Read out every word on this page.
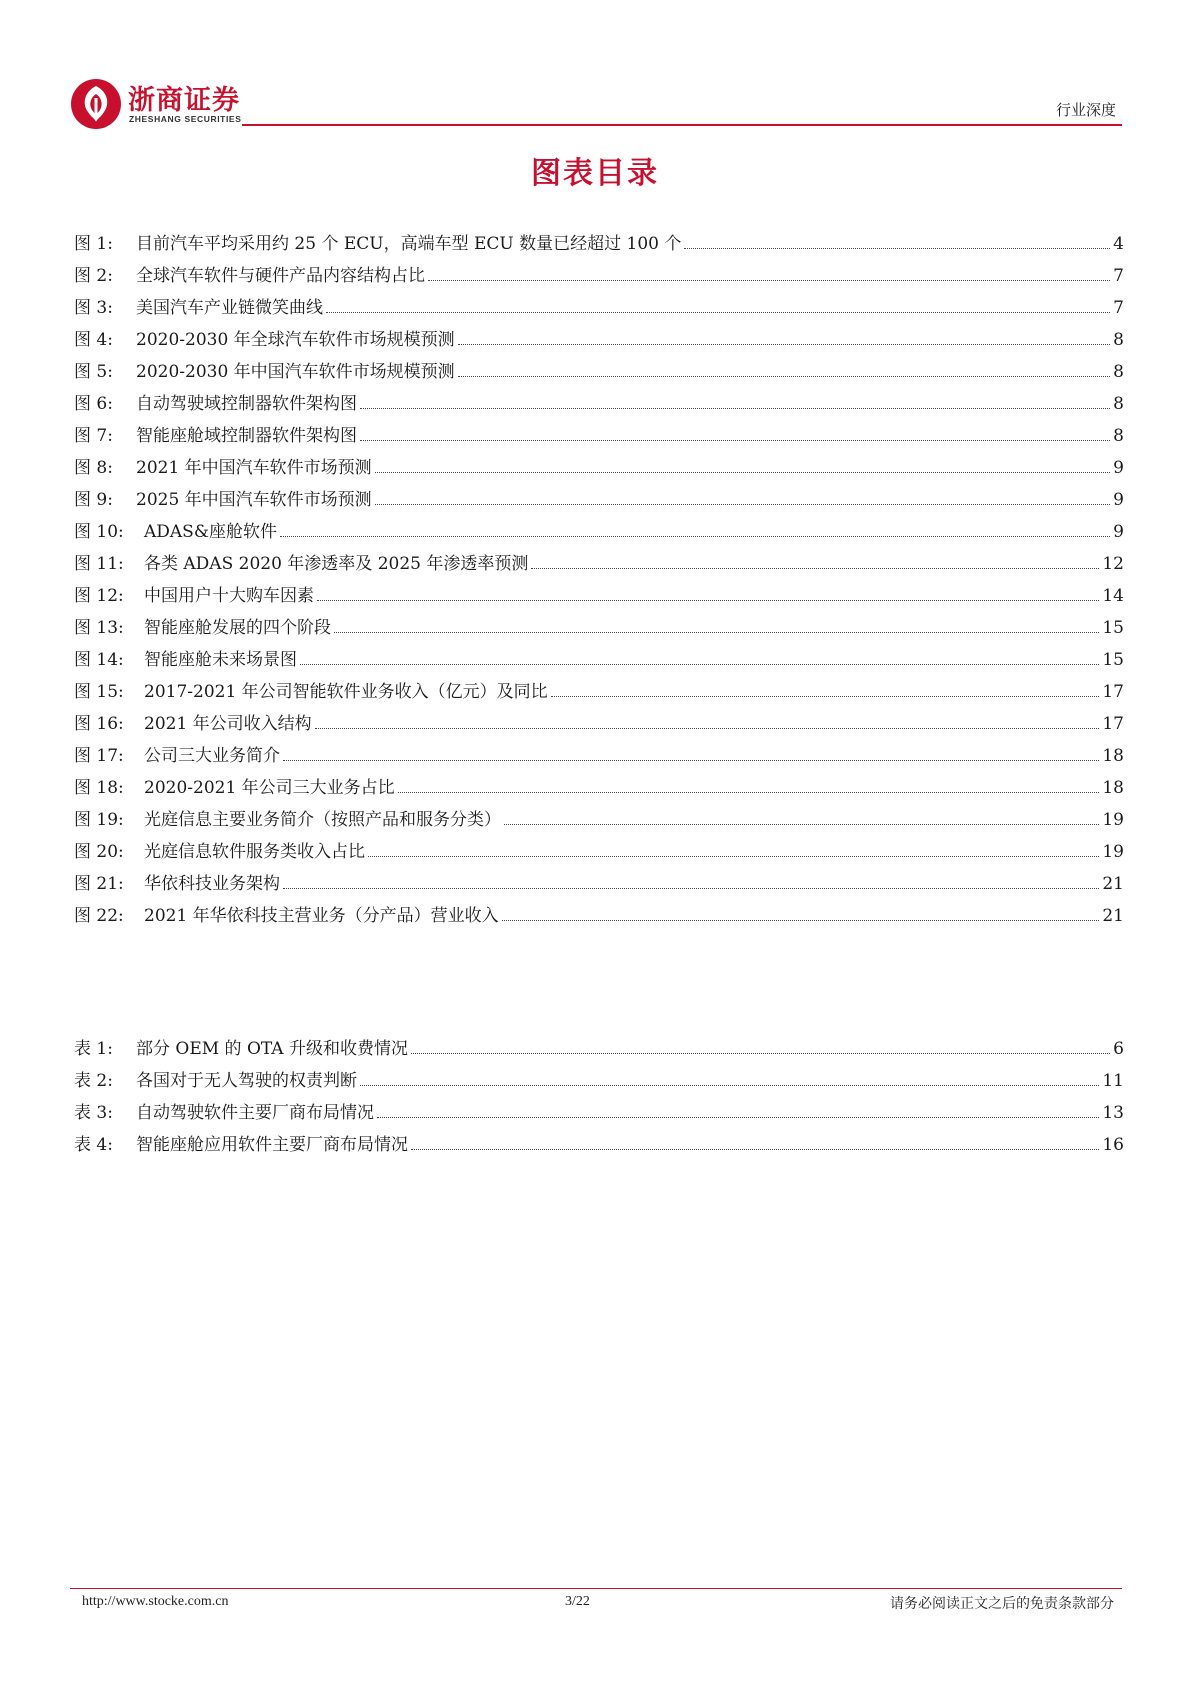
浙商证券
ZHESHANG SECURITIES	行业深度
图表目录
图 1:	目前汽车平均采用约 25 个 ECU，高端车型 ECU 数量已经超过 100 个	4
图 2:	全球汽车软件与硬件产品内容结构占比	7
图 3:	美国汽车产业链微笑曲线	7
图 4:	2020-2030 年全球汽车软件市场规模预测	8
图 5:	2020-2030 年中国汽车软件市场规模预测	8
图 6:	自动驾驶域控制器软件架构图	8
图 7:	智能座舱域控制器软件架构图	8
图 8:	2021 年中国汽车软件市场预测	9
图 9:	2025 年中国汽车软件市场预测	9
图 10:	ADAS&座舱软件	9
图 11:	各类 ADAS 2020 年渗透率及 2025 年渗透率预测	12
图 12:	中国用户十大购车因素	14
图 13:	智能座舱发展的四个阶段	15
图 14:	智能座舱未来场景图	15
图 15:	2017-2021 年公司智能软件业务收入（亿元）及同比	17
图 16:	2021 年公司收入结构	17
图 17:	公司三大业务简介	18
图 18:	2020-2021 年公司三大业务占比	18
图 19:	光庭信息主要业务简介（按照产品和服务分类）	19
图 20:	光庭信息软件服务类收入占比	19
图 21:	华依科技业务架构	21
图 22:	2021 年华依科技主营业务（分产品）营业收入	21
表 1:	部分 OEM 的 OTA 升级和收费情况	6
表 2:	各国对于无人驾驶的权责判断	11
表 3:	自动驾驶软件主要厂商布局情况	13
表 4:	智能座舱应用软件主要厂商布局情况	16
http://www.stocke.com.cn	3/22	请务必阅读正文之后的免责条款部分
